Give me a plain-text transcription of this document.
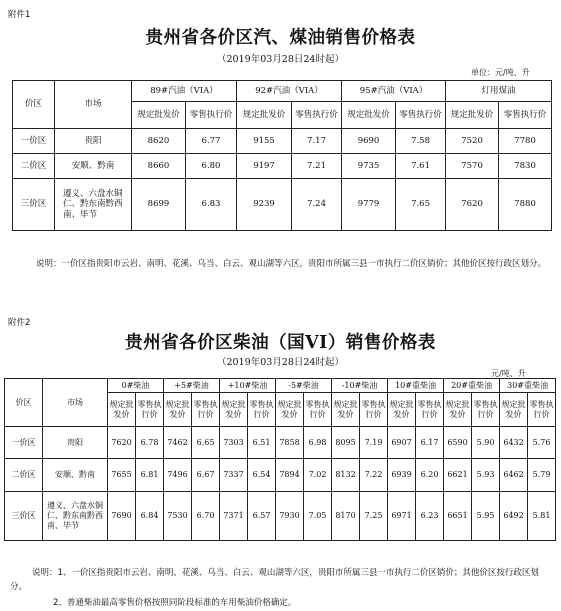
附件1
贵州省各价区汽、煤油销售价格表
（2019年03月28日24时起）
单位：元/吨、升
价区	市场	89#汽油（VIA）		92#汽油（VIA）		95#汽油（VIA）		灯用煤油	
		规定批发价	零售执行价	规定批发价	零售执行价	规定批发价	零售执行价	规定批发价	零售执行价
一价区	贵阳	8620	6.77	9155	7.17	9690	7.58	7520	7780
二价区	安顺、黔南	8660	6.80	9197	7.21	9735	7.61	7570	7830
三价区	遵义、六盘水铜仁、黔东南黔西南、毕节	8699	6.83	9239	7.24	9779	7.65	7620	7880
说明：一价区指贵阳市云岩、南明、花溪、乌当、白云、观山湖等六区，贵阳市所属三县一市执行二价区销价；其他价区按行政区划分。
附件2
贵州省各价区柴油（国VI）销售价格表
（2019年03月28日24时起）
元/吨、升
价区	市场	0#柴油		+5#柴油		+10#柴油		-5#柴油		-10#柴油		10#重柴油		20#重柴油		30#重柴油	
		规定批发价	零售执行价	规定批发价	零售执行价	规定批发价	零售执行价	规定批发价	零售执行价	规定批发价	零售执行价	规定批发价	零售执行价	规定批发价	零售执行价	规定批发价	零售执行价
一价区	贵阳	7620	6.78	7462	6.65	7303	6.51	7858	6.98	8095	7.19	6907	6.17	6590	5.90	6432	5.76
二价区	安顺、黔南	7655	6.81	7496	6.67	7337	6.54	7894	7.02	8132	7.22	6939	6.20	6621	5.93	6462	5.79
三价区	遵义、六盘水铜仁、黔东南黔西南、毕节	7690	6.84	7530	6.70	7371	6.57	7930	7.05	8170	7.25	6971	6.23	6651	5.95	6492	5.81
说明：1、一价区指贵阳市云岩、南明、花溪、乌当、白云、观山湖等六区，贵阳市所属三县一市执行二价区销价；其他价区按行政区划分。
2、普通柴油最高零售价格按照同阶段标准的车用柴油价格确定。
